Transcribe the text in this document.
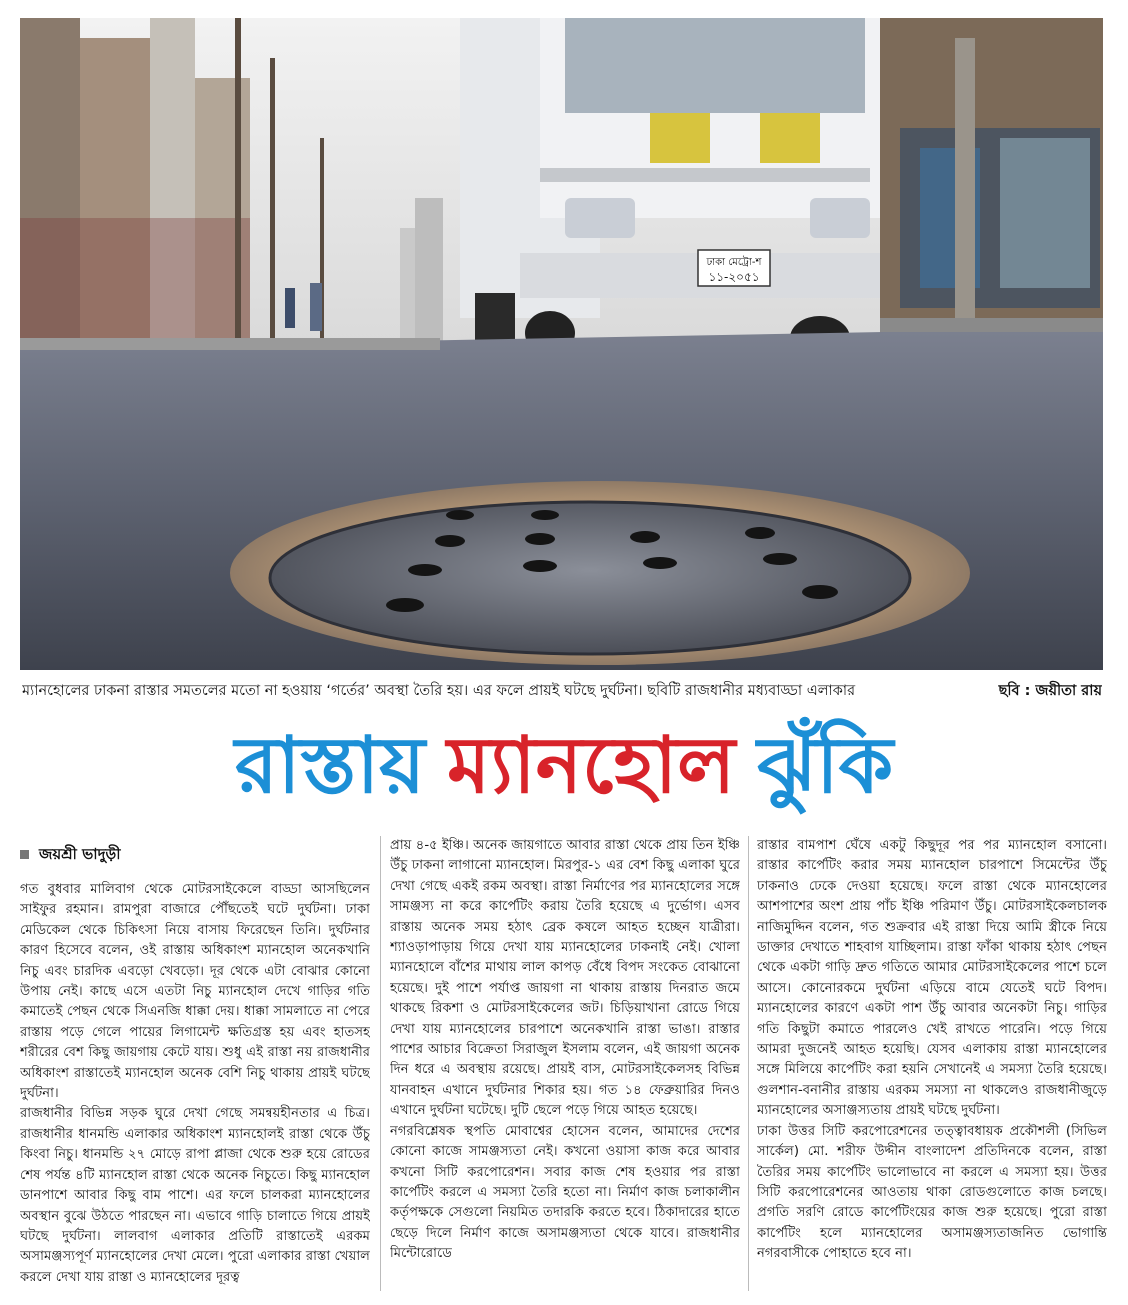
ঢাকা মেট্রো-শ
১১-২০৫১
ম্যানহোলের ঢাকনা রাস্তার সমতলের মতো না হওয়ায় ‘গর্তের’ অবস্থা তৈরি হয়। এর ফলে প্রায়ই ঘটছে দুর্ঘটনা। ছবিটি রাজধানীর মধ্যবাড্ডা এলাকার	ছবি : জয়ীতা রায়
রাস্তায় ম্যানহোল ঝুঁকি
জয়শ্রী ভাদুড়ী

গত বুধবার মালিবাগ থেকে মোটরসাইকেলে বাড্ডা আসছিলেন সাইফুর রহমান। রামপুরা বাজারে পৌঁছতেই ঘটে দুর্ঘটনা। ঢাকা মেডিকেল থেকে চিকিৎসা নিয়ে বাসায় ফিরেছেন তিনি। দুর্ঘটনার কারণ হিসেবে বলেন, ওই রাস্তায় অধিকাংশ ম্যানহোল অনেকখানি নিচু এবং চারদিক এবড়ো খেবড়ো। দূর থেকে এটা বোঝার কোনো উপায় নেই। কাছে এসে এতটা নিচু ম্যানহোল দেখে গাড়ির গতি কমাতেই পেছন থেকে সিএনজি ধাক্কা দেয়। ধাক্কা সামলাতে না পেরে রাস্তায় পড়ে গেলে পায়ের লিগামেন্ট ক্ষতিগ্রস্ত হয় এবং হাতসহ শরীরের বেশ কিছু জায়গায় কেটে যায়। শুধু এই রাস্তা নয় রাজধানীর অধিকাংশ রাস্তাতেই ম্যানহোল অনেক বেশি নিচু থাকায় প্রায়ই ঘটছে দুর্ঘটনা।

রাজধানীর বিভিন্ন সড়ক ঘুরে দেখা গেছে সমন্বয়হীনতার এ চিত্র। রাজধানীর ধানমন্ডি এলাকার অধিকাংশ ম্যানহোলই রাস্তা থেকে উঁচু কিংবা নিচু। ধানমন্ডি ২৭ মোড়ে রাপা প্লাজা থেকে শুরু হয়ে রোডের শেষ পর্যন্ত ৪টি ম্যানহোল রাস্তা থেকে অনেক নিচুতে। কিছু ম্যানহোল ডানপাশে আবার কিছু বাম পাশে। এর ফলে চালকরা ম্যানহোলের অবস্থান বুঝে উঠতে পারছেন না। এভাবে গাড়ি চালাতে গিয়ে প্রায়ই ঘটছে দুর্ঘটনা। লালবাগ এলাকার প্রতিটি রাস্তাতেই এরকম অসামঞ্জস্যপূর্ণ ম্যানহোলের দেখা মেলে। পুরো এলাকার রাস্তা খেয়াল করলে দেখা যায় রাস্তা ও ম্যানহোলের দূরত্ব

প্রায় ৪-৫ ইঞ্চি। অনেক জায়গাতে আবার রাস্তা থেকে প্রায় তিন ইঞ্চি উঁচু ঢাকনা লাগানো ম্যানহোল। মিরপুর-১ এর বেশ কিছু এলাকা ঘুরে দেখা গেছে একই রকম অবস্থা। রাস্তা নির্মাণের পর ম্যানহোলের সঙ্গে সামঞ্জস্য না করে কার্পেটিং করায় তৈরি হয়েছে এ দুর্ভোগ। এসব রাস্তায় অনেক সময় হঠাৎ ব্রেক কষলে আহত হচ্ছেন যাত্রীরা। শ্যাওড়াপাড়ায় গিয়ে দেখা যায় ম্যানহোলের ঢাকনাই নেই। খোলা ম্যানহোলে বাঁশের মাথায় লাল কাপড় বেঁধে বিপদ সংকেত বোঝানো হয়েছে। দুই পাশে পর্যাপ্ত জায়গা না থাকায় রাস্তায় দিনরাত জমে থাকছে রিকশা ও মোটরসাইকেলের জট। চিড়িয়াখানা রোডে গিয়ে দেখা যায় ম্যানহোলের চারপাশে অনেকখানি রাস্তা ভাঙা। রাস্তার পাশের আচার বিক্রেতা সিরাজুল ইসলাম বলেন, এই জায়গা অনেক দিন ধরে এ অবস্থায় রয়েছে। প্রায়ই বাস, মোটরসাইকেলসহ বিভিন্ন যানবাহন এখানে দুর্ঘটনার শিকার হয়। গত ১৪ ফেব্রুয়ারির দিনও এখানে দুর্ঘটনা ঘটেছে। দুটি ছেলে পড়ে গিয়ে আহত হয়েছে।

নগরবিশ্লেষক স্থপতি মোবাশ্বের হোসেন বলেন, আমাদের দেশের কোনো কাজে সামঞ্জস্যতা নেই। কখনো ওয়াসা কাজ করে আবার কখনো সিটি করপোরেশন। সবার কাজ শেষ হওয়ার পর রাস্তা কার্পেটিং করলে এ সমস্যা তৈরি হতো না। নির্মাণ কাজ চলাকালীন কর্তৃপক্ষকে সেগুলো নিয়মিত তদারকি করতে হবে। ঠিকাদারের হাতে ছেড়ে দিলে নির্মাণ কাজে অসামঞ্জস্যতা থেকে যাবে। রাজধানীর মিন্টোরোডে

রাস্তার বামপাশ ঘেঁষে একটু কিছুদূর পর পর ম্যানহোল বসানো। রাস্তার কার্পেটিং করার সময় ম্যানহোল চারপাশে সিমেন্টের উঁচু ঢাকনাও ঢেকে দেওয়া হয়েছে। ফলে রাস্তা থেকে ম্যানহোলের আশপাশের অংশ প্রায় পাঁচ ইঞ্চি পরিমাণ উঁচু। মোটরসাইকেলচালক নাজিমুদ্দিন বলেন, গত শুক্রবার এই রাস্তা দিয়ে আমি স্ত্রীকে নিয়ে ডাক্তার দেখাতে শাহবাগ যাচ্ছিলাম। রাস্তা ফাঁকা থাকায় হঠাৎ পেছন থেকে একটা গাড়ি দ্রুত গতিতে আমার মোটরসাইকেলের পাশে চলে আসে। কোনোরকমে দুর্ঘটনা এড়িয়ে বামে যেতেই ঘটে বিপদ। ম্যানহোলের কারণে একটা পাশ উঁচু আবার অনেকটা নিচু। গাড়ির গতি কিছুটা কমাতে পারলেও খেই রাখতে পারেনি। পড়ে গিয়ে আমরা দুজনেই আহত হয়েছি। যেসব এলাকায় রাস্তা ম্যানহোলের সঙ্গে মিলিয়ে কার্পেটিং করা হয়নি সেখানেই এ সমস্যা তৈরি হয়েছে। গুলশান-বনানীর রাস্তায় এরকম সমস্যা না থাকলেও রাজধানীজুড়ে ম্যানহোলের অসাঞ্জস্যতায় প্রায়ই ঘটছে দুর্ঘটনা।

ঢাকা উত্তর সিটি করপোরেশনের তত্ত্বাবধায়ক প্রকৌশলী (সিভিল সার্কেল) মো. শরীফ উদ্দীন বাংলাদেশ প্রতিদিনকে বলেন, রাস্তা তৈরির সময় কার্পেটিং ভালোভাবে না করলে এ সমস্যা হয়। উত্তর সিটি করপোরেশনের আওতায় থাকা রোডগুলোতে কাজ চলছে। প্রগতি সরণি রোডে কার্পেটিংয়ের কাজ শুরু হয়েছে। পুরো রাস্তা কার্পেটিং হলে ম্যানহোলের অসামঞ্জস্যতাজনিত ভোগান্তি নগরবাসীকে পোহাতে হবে না।
